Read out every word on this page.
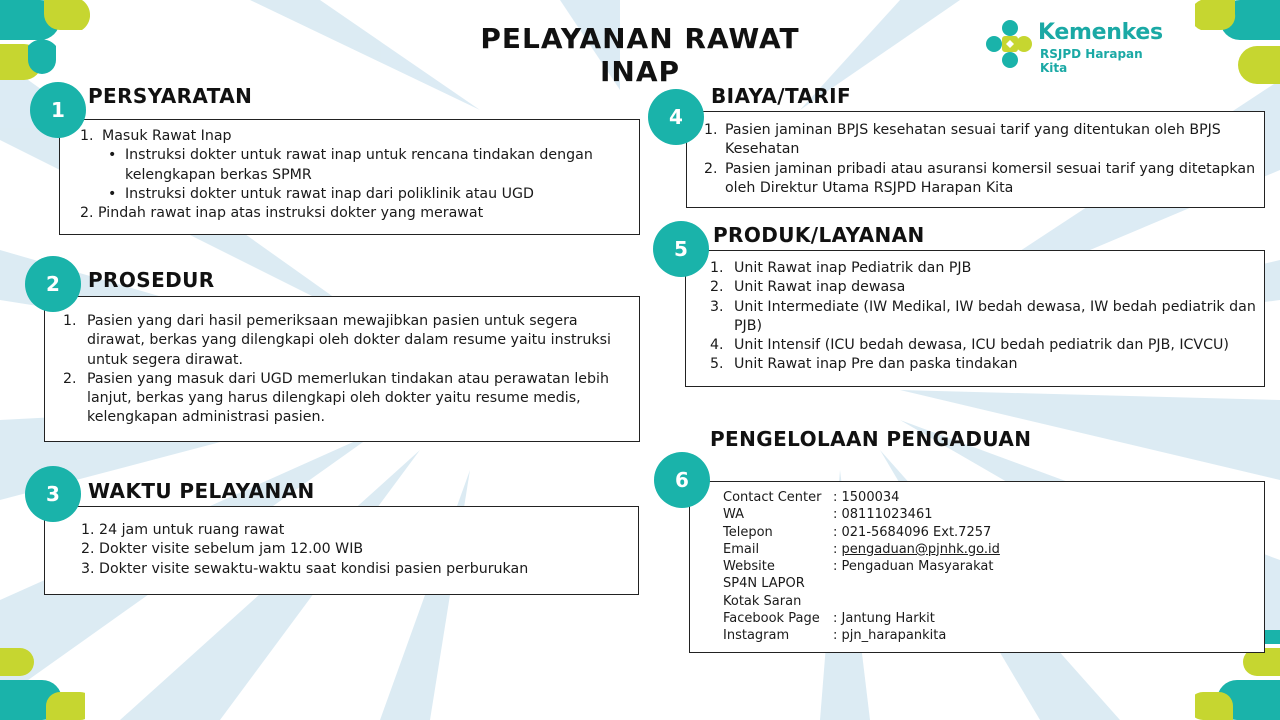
PELAYANAN RAWAT INAP
Kemenkes
RSJPD Harapan Kita
PERSYARATAN
1. Masuk Rawat Inap
• Instruksi dokter untuk rawat inap untuk rencana tindakan dengan
kelengkapan berkas SPMR
• Instruksi dokter untuk rawat inap dari poliklinik atau UGD
2. Pindah rawat inap atas instruksi dokter yang merawat
1
PROSEDUR
1. Pasien yang dari hasil pemeriksaan mewajibkan pasien untuk segera dirawat, berkas yang dilengkapi oleh dokter dalam resume yaitu instruksi untuk segera dirawat.
2. Pasien yang masuk dari UGD memerlukan tindakan atau perawatan lebih lanjut, berkas yang harus dilengkapi oleh dokter yaitu resume medis, kelengkapan administrasi pasien.
2
WAKTU PELAYANAN
1. 24 jam untuk ruang rawat
2. Dokter visite sebelum jam 12.00 WIB
3. Dokter visite sewaktu-waktu saat kondisi pasien perburukan
3
BIAYA/TARIF
1. Pasien jaminan BPJS kesehatan sesuai tarif yang ditentukan oleh BPJS Kesehatan
2. Pasien jaminan pribadi atau asuransi komersil sesuai tarif yang ditetapkan oleh Direktur Utama RSJPD Harapan Kita
4
PRODUK/LAYANAN
1. Unit Rawat inap Pediatrik dan PJB
2. Unit Rawat inap dewasa
3. Unit Intermediate (IW Medikal, IW bedah dewasa, IW bedah pediatrik dan PJB)
4. Unit Intensif (ICU bedah dewasa, ICU bedah pediatrik dan PJB, ICVCU)
5. Unit Rawat inap Pre dan paska tindakan
5
PENGELOLAAN PENGADUAN
Contact Center : 1500034
WA	: 08111023461
Telepon	: 021-5684096 Ext.7257
Email	: pengaduan@pjnhk.go.id
Website	: Pengaduan Masyarakat
SP4N LAPOR
Kotak Saran
Facebook Page	: Jantung Harkit
Instagram	: pjn_harapankita
6
